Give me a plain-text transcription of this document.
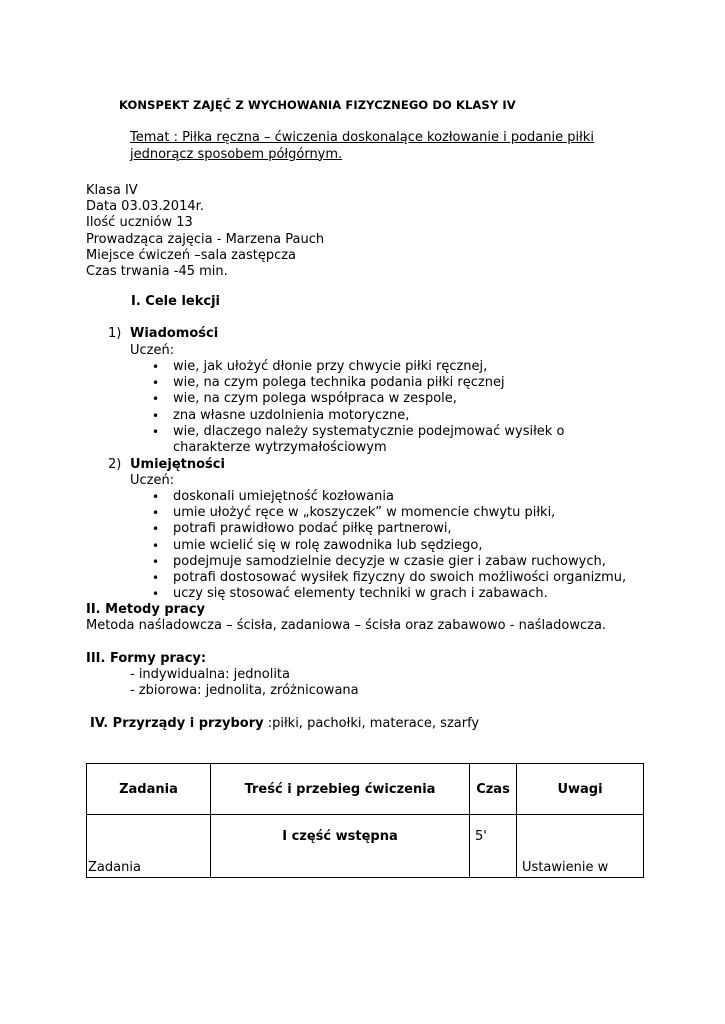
KONSPEKT ZAJĘĆ Z WYCHOWANIA FIZYCZNEGO DO KLASY IV
Temat : Piłka ręczna – ćwiczenia doskonalące kozłowanie i podanie piłki jednorącz sposobem półgórnym.
Klasa IV
Data 03.03.2014r.
Ilość uczniów 13
Prowadząca zajęcia - Marzena Pauch
Miejsce ćwiczeń –sala zastępcza
Czas trwania -45 min.
I. Cele lekcji
1) Wiadomości
Uczeń:
• wie, jak ułożyć dłonie przy chwycie piłki ręcznej,
• wie, na czym polega technika podania piłki ręcznej
• wie, na czym polega współpraca w zespole,
• zna własne uzdolnienia motoryczne,
• wie, dlaczego należy systematycznie podejmować wysiłek o charakterze wytrzymałościowym
2) Umiejętności
Uczeń:
• doskonali umiejętność kozłowania
• umie ułożyć ręce w „koszyczek” w momencie chwytu piłki,
• potrafi prawidłowo podać piłkę partnerowi,
• umie wcielić się w rolę zawodnika lub sędziego,
• podejmuje samodzielnie decyzje w czasie gier i zabaw ruchowych,
• potrafi dostosować wysiłek fizyczny do swoich możliwości organizmu,
• uczy się stosować elementy techniki w grach i zabawach.
II. Metody pracy
Metoda naśladowcza – ścisła, zadaniowa – ścisła oraz zabawowo - naśladowcza.
III. Formy pracy:
- indywidualna: jednolita
- zbiorowa: jednolita, zróżnicowana
IV. Przyrządy i przybory :piłki, pachołki, materace, szarfy
Zadania	Treść i przebieg ćwiczenia	Czas	Uwagi
Zadania	I część wstępna	5'	Ustawienie w
